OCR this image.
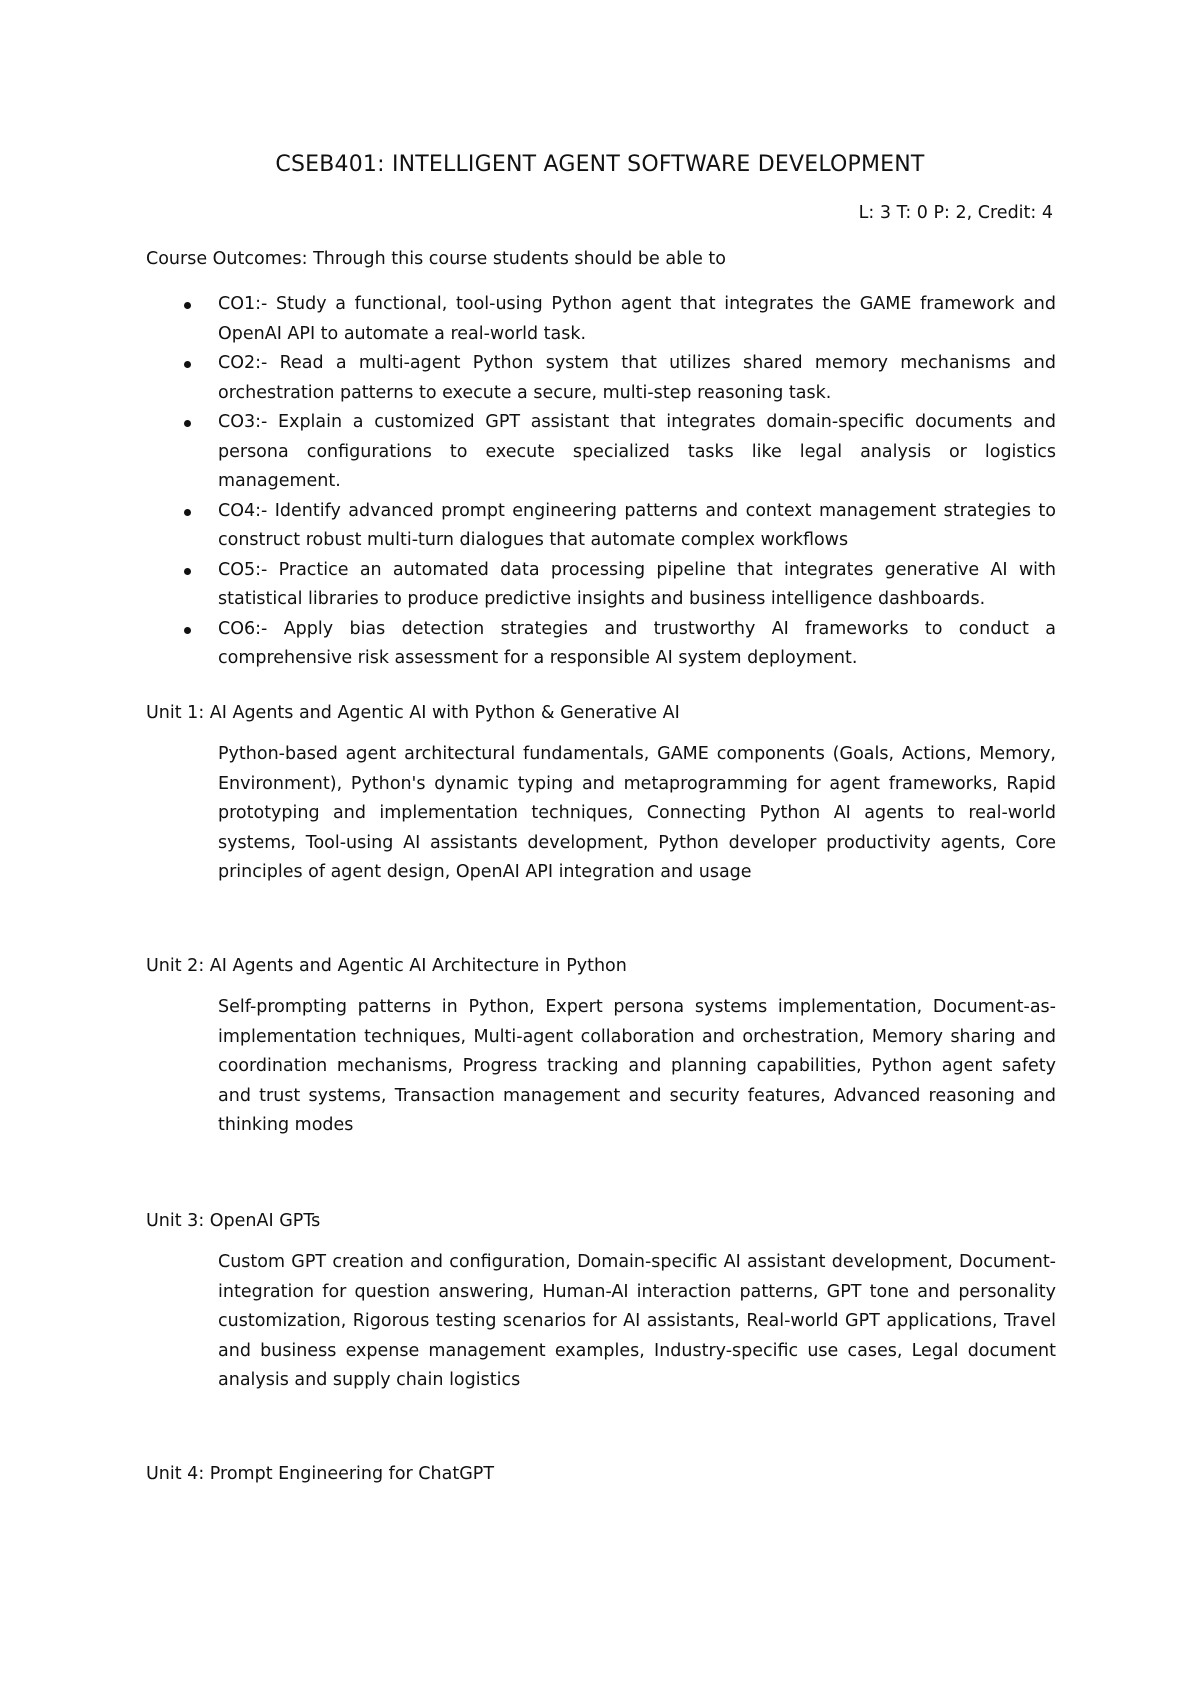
CSEB401: INTELLIGENT AGENT SOFTWARE DEVELOPMENT
L: 3 T: 0 P: 2, Credit: 4
Course Outcomes: Through this course students should be able to
CO1:- Study a functional, tool-using Python agent that integrates the GAME framework and OpenAI API to automate a real-world task.
CO2:- Read a multi-agent Python system that utilizes shared memory mechanisms and orchestration patterns to execute a secure, multi-step reasoning task.
CO3:- Explain a customized GPT assistant that integrates domain-specific documents and persona configurations to execute specialized tasks like legal analysis or logistics management.
CO4:- Identify advanced prompt engineering patterns and context management strategies to construct robust multi-turn dialogues that automate complex workflows
CO5:- Practice an automated data processing pipeline that integrates generative AI with statistical libraries to produce predictive insights and business intelligence dashboards.
CO6:- Apply bias detection strategies and trustworthy AI frameworks to conduct a comprehensive risk assessment for a responsible AI system deployment.
Unit 1: AI Agents and Agentic AI with Python & Generative AI
Python-based agent architectural fundamentals, GAME components (Goals, Actions, Memory, Environment), Python's dynamic typing and metaprogramming for agent frameworks, Rapid prototyping and implementation techniques, Connecting Python AI agents to real-world systems, Tool-using AI assistants development, Python developer productivity agents, Core principles of agent design, OpenAI API integration and usage
Unit 2: AI Agents and Agentic AI Architecture in Python
Self-prompting patterns in Python, Expert persona systems implementation, Document-as-implementation techniques, Multi-agent collaboration and orchestration, Memory sharing and coordination mechanisms, Progress tracking and planning capabilities, Python agent safety and trust systems, Transaction management and security features, Advanced reasoning and thinking modes
Unit 3: OpenAI GPTs
Custom GPT creation and configuration, Domain-specific AI assistant development, Document-integration for question answering, Human-AI interaction patterns, GPT tone and personality customization, Rigorous testing scenarios for AI assistants, Real-world GPT applications, Travel and business expense management examples, Industry-specific use cases, Legal document analysis and supply chain logistics
Unit 4: Prompt Engineering for ChatGPT
